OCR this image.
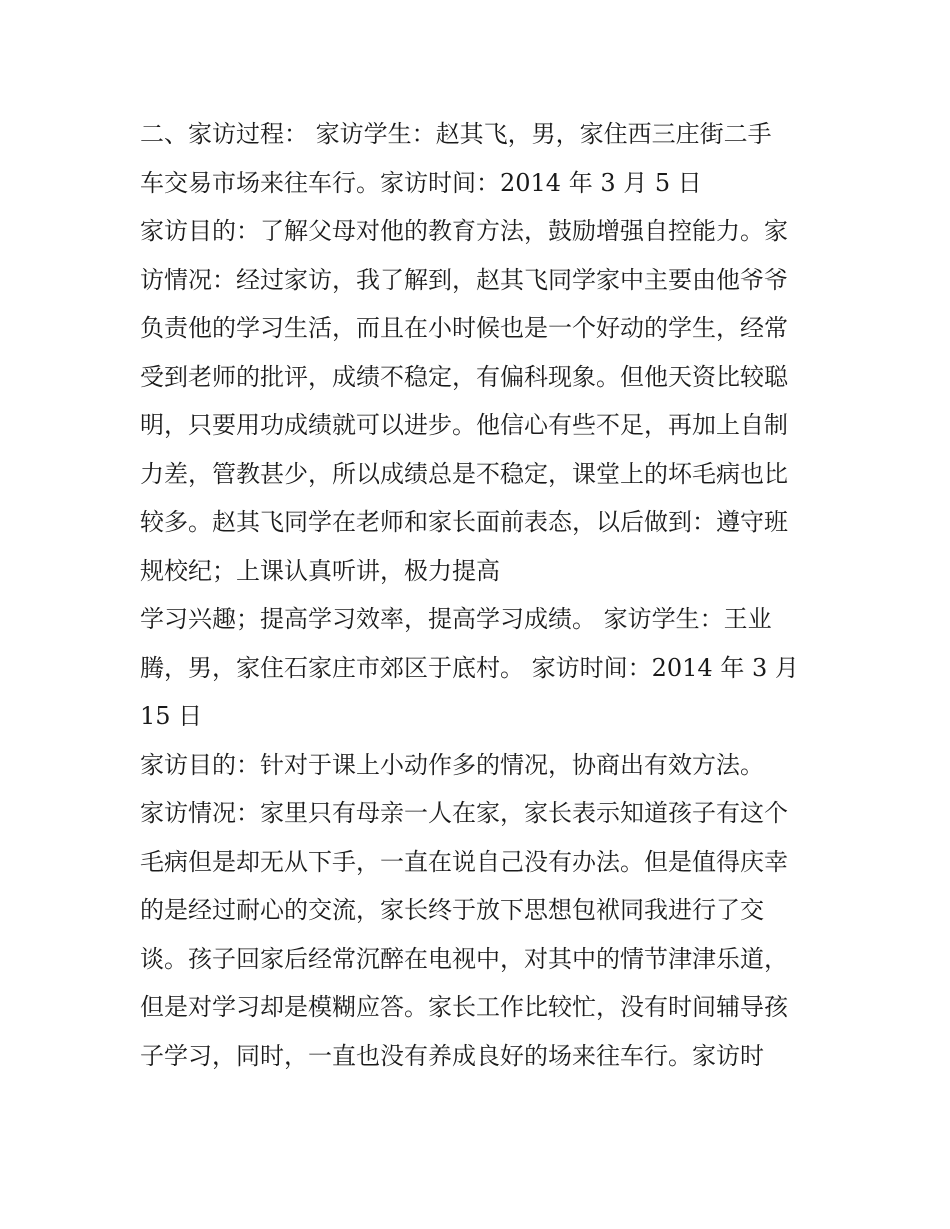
二、家访过程： 家访学生：赵其飞，男，家住西三庄街二手
车交易市场来往车行。家访时间：2014 年 3 月 5 日
家访目的：了解父母对他的教育方法，鼓励增强自控能力。家
访情况：经过家访，我了解到，赵其飞同学家中主要由他爷爷
负责他的学习生活，而且在小时候也是一个好动的学生，经常
受到老师的批评，成绩不稳定，有偏科现象。但他天资比较聪
明，只要用功成绩就可以进步。他信心有些不足，再加上自制
力差，管教甚少，所以成绩总是不稳定，课堂上的坏毛病也比
较多。赵其飞同学在老师和家长面前表态，以后做到：遵守班
规校纪；上课认真听讲，极力提高
学习兴趣；提高学习效率，提高学习成绩。 家访学生：王业
腾，男，家住石家庄市郊区于底村。 家访时间：2014 年 3 月
15 日
家访目的：针对于课上小动作多的情况，协商出有效方法。
家访情况：家里只有母亲一人在家，家长表示知道孩子有这个
毛病但是却无从下手，一直在说自己没有办法。但是值得庆幸
的是经过耐心的交流，家长终于放下思想包袱同我进行了交
谈。孩子回家后经常沉醉在电视中，对其中的情节津津乐道，
但是对学习却是模糊应答。家长工作比较忙，没有时间辅导孩
子学习，同时，一直也没有养成良好的场来往车行。家访时
